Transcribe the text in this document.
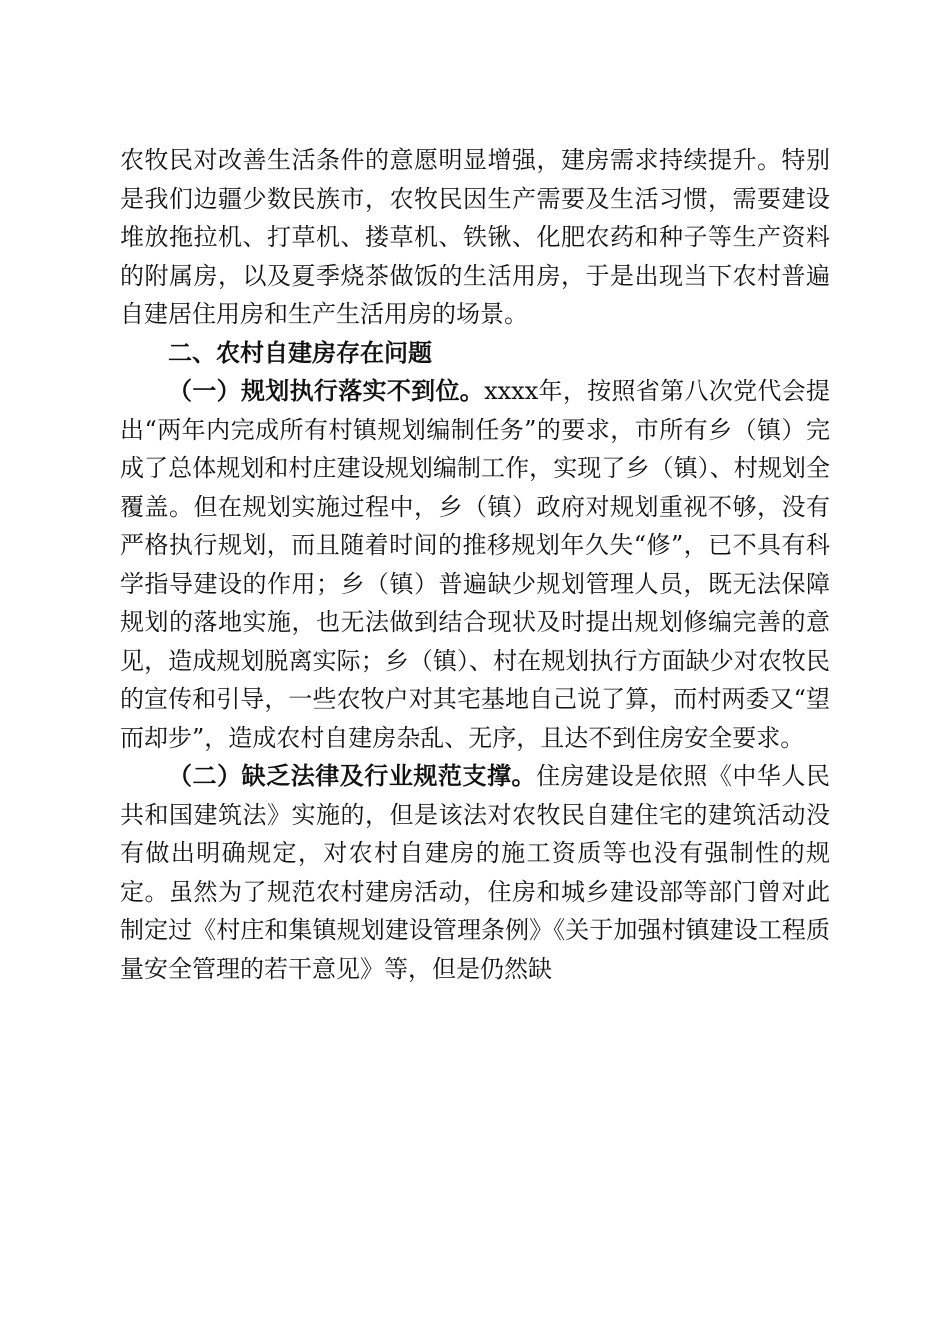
农牧民对改善生活条件的意愿明显增强，建房需求持续提升。特别是我们边疆少数民族市，农牧民因生产需要及生活习惯，需要建设堆放拖拉机、打草机、搂草机、铁锹、化肥农药和种子等生产资料的附属房，以及夏季烧茶做饭的生活用房，于是出现当下农村普遍自建居住用房和生产生活用房的场景。

二、农村自建房存在问题

（一）规划执行落实不到位。xxxx年，按照省第八次党代会提出“两年内完成所有村镇规划编制任务”的要求，市所有乡（镇）完成了总体规划和村庄建设规划编制工作，实现了乡（镇）、村规划全覆盖。但在规划实施过程中，乡（镇）政府对规划重视不够，没有严格执行规划，而且随着时间的推移规划年久失“修”，已不具有科学指导建设的作用；乡（镇）普遍缺少规划管理人员，既无法保障规划的落地实施，也无法做到结合现状及时提出规划修编完善的意见，造成规划脱离实际；乡（镇）、村在规划执行方面缺少对农牧民的宣传和引导，一些农牧户对其宅基地自己说了算，而村两委又“望而却步”，造成农村自建房杂乱、无序，且达不到住房安全要求。

（二）缺乏法律及行业规范支撑。住房建设是依照《中华人民共和国建筑法》实施的，但是该法对农牧民自建住宅的建筑活动没有做出明确规定，对农村自建房的施工资质等也没有强制性的规定。虽然为了规范农村建房活动，住房和城乡建设部等部门曾对此制定过《村庄和集镇规划建设管理条例》《关于加强村镇建设工程质量安全管理的若干意见》等，但是仍然缺
